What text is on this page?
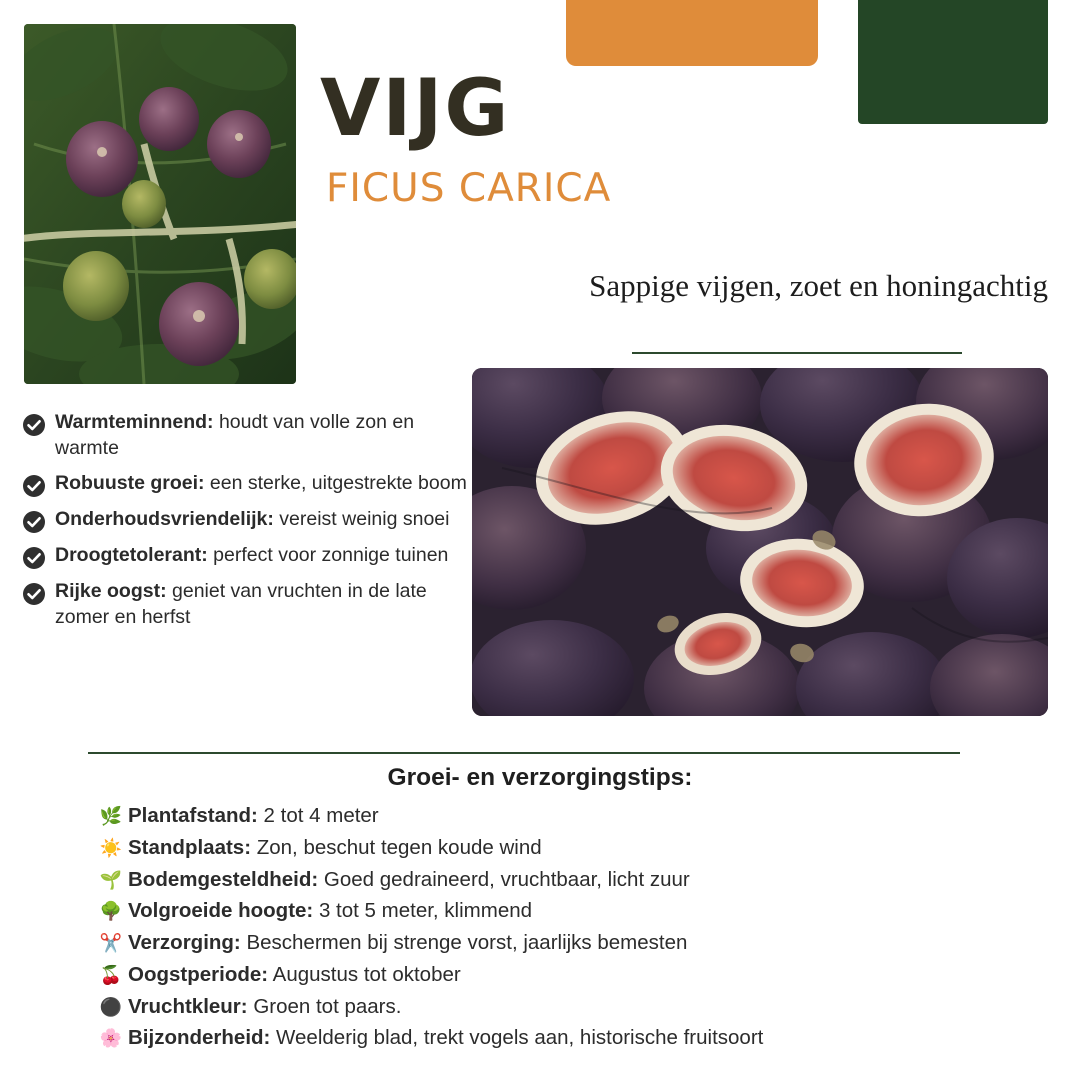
VIJG
FICUS CARICA
Sappige vijgen, zoet en honingachtig
Warmteminnend: houdt van volle zon en warmte
Robuuste groei: een sterke, uitgestrekte boom
Onderhoudsvriendelijk: vereist weinig snoei
Droogtetolerant: perfect voor zonnige tuinen
Rijke oogst: geniet van vruchten in de late zomer en herfst
Groei- en verzorgingstips:
🌿 Plantafstand: 2 tot 4 meter
☀️ Standplaats: Zon, beschut tegen koude wind
🌱 Bodemgesteldheid: Goed gedraineerd, vruchtbaar, licht zuur
🌳 Volgroeide hoogte: 3 tot 5 meter, klimmend
✂️ Verzorging: Beschermen bij strenge vorst, jaarlijks bemesten
🍒 Oogstperiode: Augustus tot oktober
⚫ Vruchtkleur: Groen tot paars.
🌸 Bijzonderheid: Weelderig blad, trekt vogels aan, historische fruitsoort
